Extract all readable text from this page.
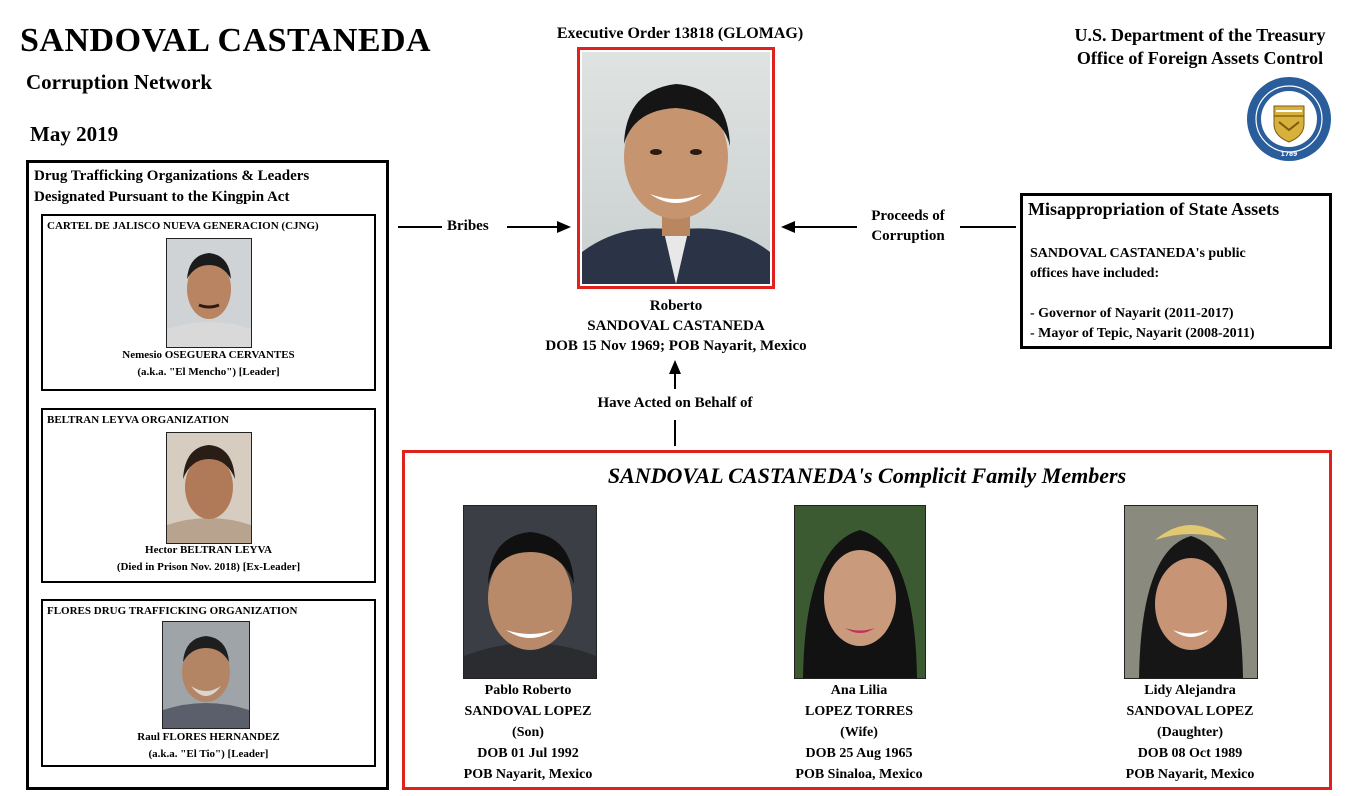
SANDOVAL CASTANEDA
Corruption Network
May 2019
Executive Order 13818 (GLOMAG)	U.S. Department of the Treasury
Office of Foreign Assets Control
1789
Roberto
SANDOVAL CASTANEDA
DOB 15 Nov 1969; POB Nayarit, Mexico
Drug Trafficking Organizations & Leaders
Designated Pursuant to the Kingpin Act
CARTEL DE JALISCO NUEVA GENERACION (CJNG)
Nemesio OSEGUERA CERVANTES
(a.k.a. "El Mencho") [Leader]
BELTRAN LEYVA ORGANIZATION
Hector BELTRAN LEYVA
(Died in Prison Nov. 2018) [Ex-Leader]
FLORES DRUG TRAFFICKING ORGANIZATION
Raul FLORES HERNANDEZ
(a.k.a. "El Tio") [Leader]
Bribes
Proceeds of
Corruption
Misappropriation of State Assets
SANDOVAL CASTANEDA's public
offices have included:
- Governor of Nayarit (2011-2017)
- Mayor of Tepic, Nayarit (2008-2011)
Have Acted on Behalf of
SANDOVAL CASTANEDA's Complicit Family Members
Pablo Roberto
SANDOVAL LOPEZ
(Son)
DOB 01 Jul 1992
POB Nayarit, Mexico
Ana Lilia
LOPEZ TORRES
(Wife)
DOB 25 Aug 1965
POB Sinaloa, Mexico
Lidy Alejandra
SANDOVAL LOPEZ
(Daughter)
DOB 08 Oct 1989
POB Nayarit, Mexico
